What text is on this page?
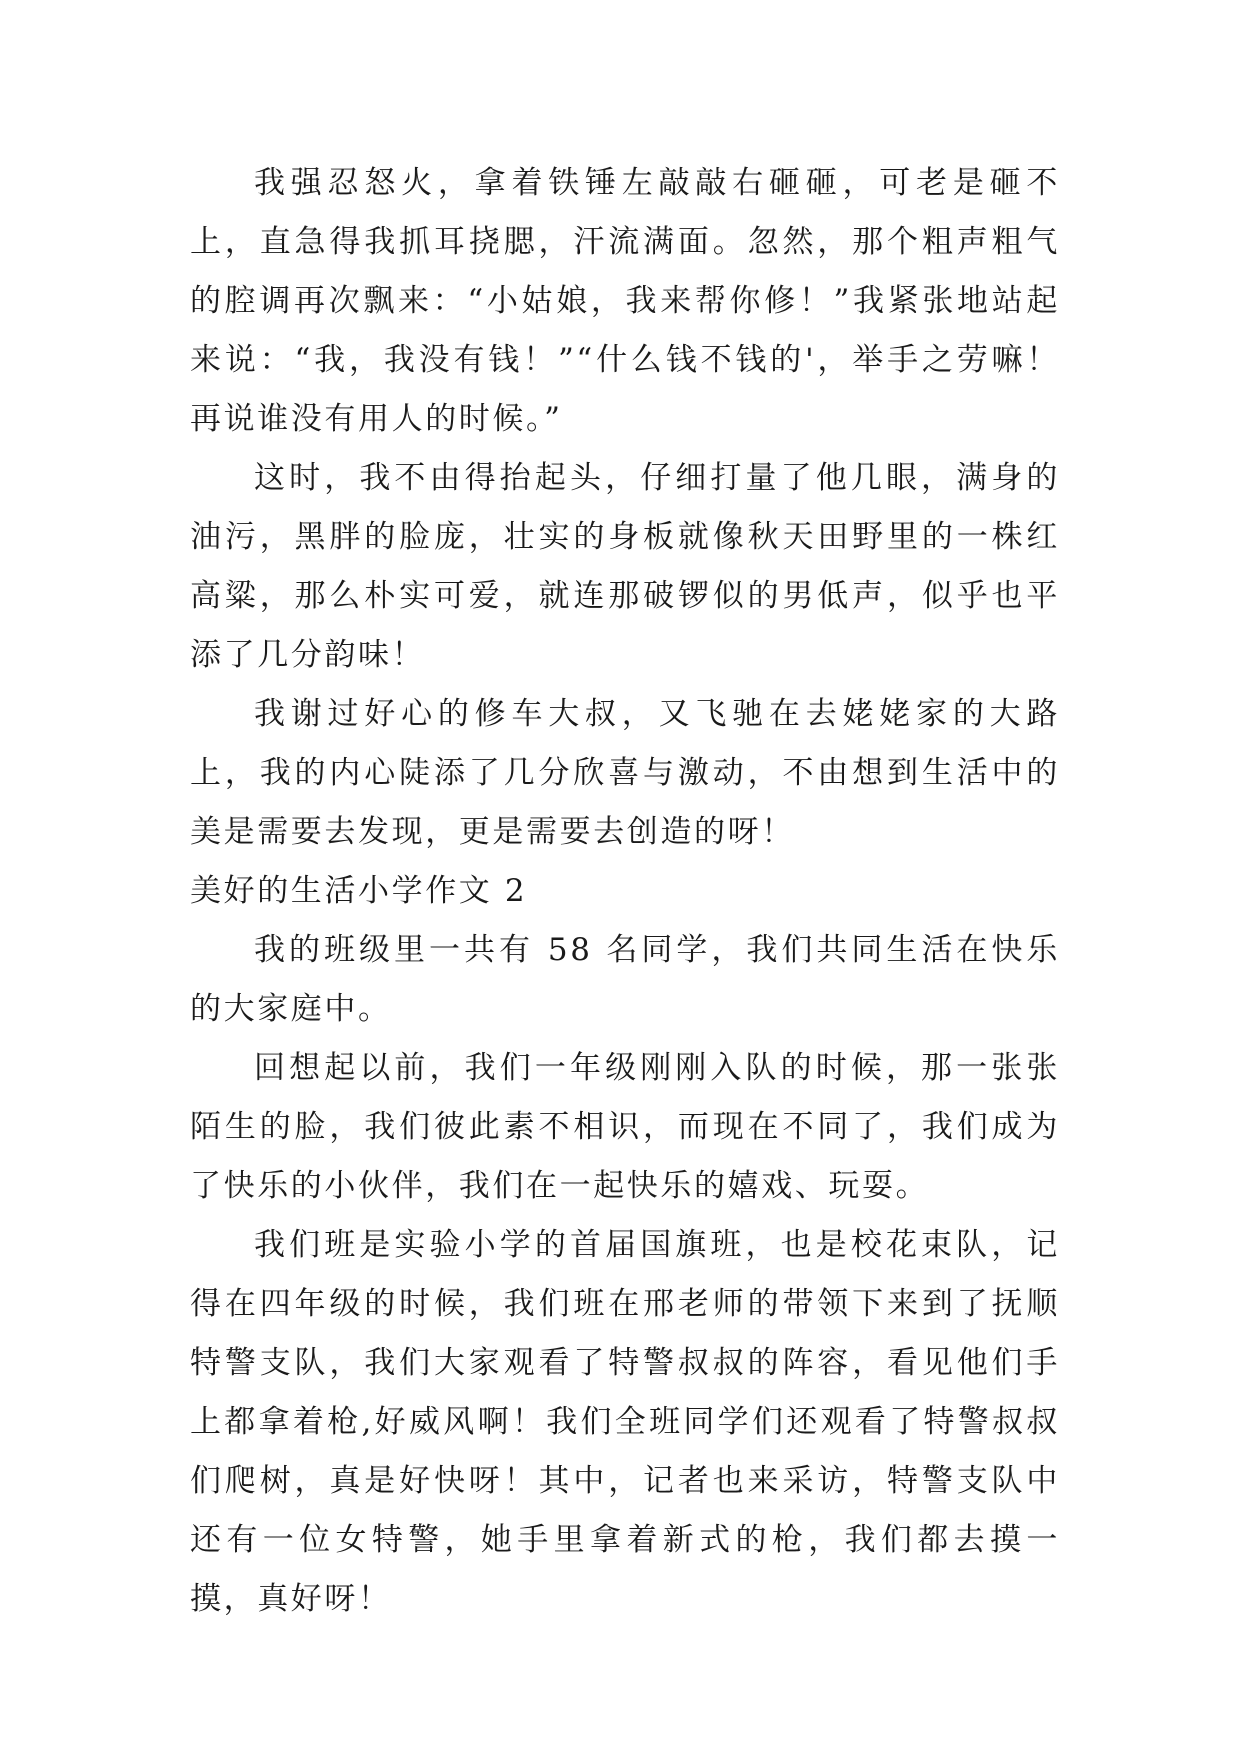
我强忍怒火，拿着铁锤左敲敲右砸砸，可老是砸不上，直急得我抓耳挠腮，汗流满面。忽然，那个粗声粗气的腔调再次飘来：“小姑娘，我来帮你修！”我紧张地站起来说：“我，我没有钱！”“什么钱不钱的'，举手之劳嘛！再说谁没有用人的时候。”

这时，我不由得抬起头，仔细打量了他几眼，满身的油污，黑胖的脸庞，壮实的身板就像秋天田野里的一株红高粱，那么朴实可爱，就连那破锣似的男低声，似乎也平添了几分韵味！

我谢过好心的修车大叔，又飞驰在去姥姥家的大路上，我的内心陡添了几分欣喜与激动，不由想到生活中的美是需要去发现，更是需要去创造的呀！

美好的生活小学作文 2

我的班级里一共有 58 名同学，我们共同生活在快乐的大家庭中。

回想起以前，我们一年级刚刚入队的时候，那一张张陌生的脸，我们彼此素不相识，而现在不同了，我们成为了快乐的小伙伴，我们在一起快乐的嬉戏、玩耍。

我们班是实验小学的首届国旗班，也是校花束队，记得在四年级的时候，我们班在邢老师的带领下来到了抚顺特警支队，我们大家观看了特警叔叔的阵容，看见他们手上都拿着枪,好威风啊！我们全班同学们还观看了特警叔叔们爬树，真是好快呀！其中，记者也来采访，特警支队中还有一位女特警，她手里拿着新式的枪，我们都去摸一摸，真好呀！
